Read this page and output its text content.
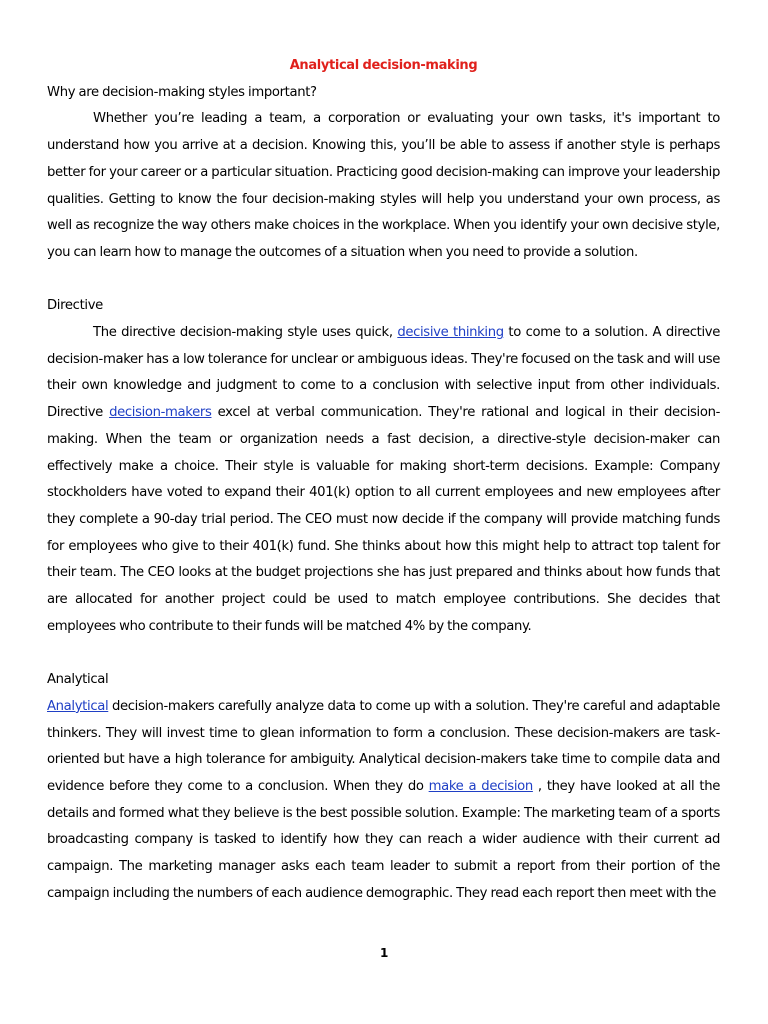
Analytical decision-making

Why are decision-making styles important?

Whether you’re leading a team, a corporation or evaluating your own tasks, it's important to understand how you arrive at a decision. Knowing this, you’ll be able to assess if another style is perhaps better for your career or a particular situation. Practicing good decision-making can improve your leadership qualities. Getting to know the four decision-making styles will help you understand your own process, as well as recognize the way others make choices in the workplace. When you identify your own decisive style, you can learn how to manage the outcomes of a situation when you need to provide a solution.

Directive

The directive decision-making style uses quick, decisive thinking to come to a solution. A directive decision-maker has a low tolerance for unclear or ambiguous ideas. They're focused on the task and will use their own knowledge and judgment to come to a conclusion with selective input from other individuals. Directive decision-makers excel at verbal communication. They're rational and logical in their decision-making. When the team or organization needs a fast decision, a directive-style decision-maker can effectively make a choice. Their style is valuable for making short-term decisions. Example: Company stockholders have voted to expand their 401(k) option to all current employees and new employees after they complete a 90-day trial period. The CEO must now decide if the company will provide matching funds for employees who give to their 401(k) fund. She thinks about how this might help to attract top talent for their team. The CEO looks at the budget projections she has just prepared and thinks about how funds that are allocated for another project could be used to match employee contributions. She decides that employees who contribute to their funds will be matched 4% by the company.

Analytical

Analytical decision-makers carefully analyze data to come up with a solution. They're careful and adaptable thinkers. They will invest time to glean information to form a conclusion. These decision-makers are task-oriented but have a high tolerance for ambiguity. Analytical decision-makers take time to compile data and evidence before they come to a conclusion. When they do make a decision , they have looked at all the details and formed what they believe is the best possible solution. Example: The marketing team of a sports broadcasting company is tasked to identify how they can reach a wider audience with their current ad campaign. The marketing manager asks each team leader to submit a report from their portion of the campaign including the numbers of each audience demographic. They read each report then meet with the

1
